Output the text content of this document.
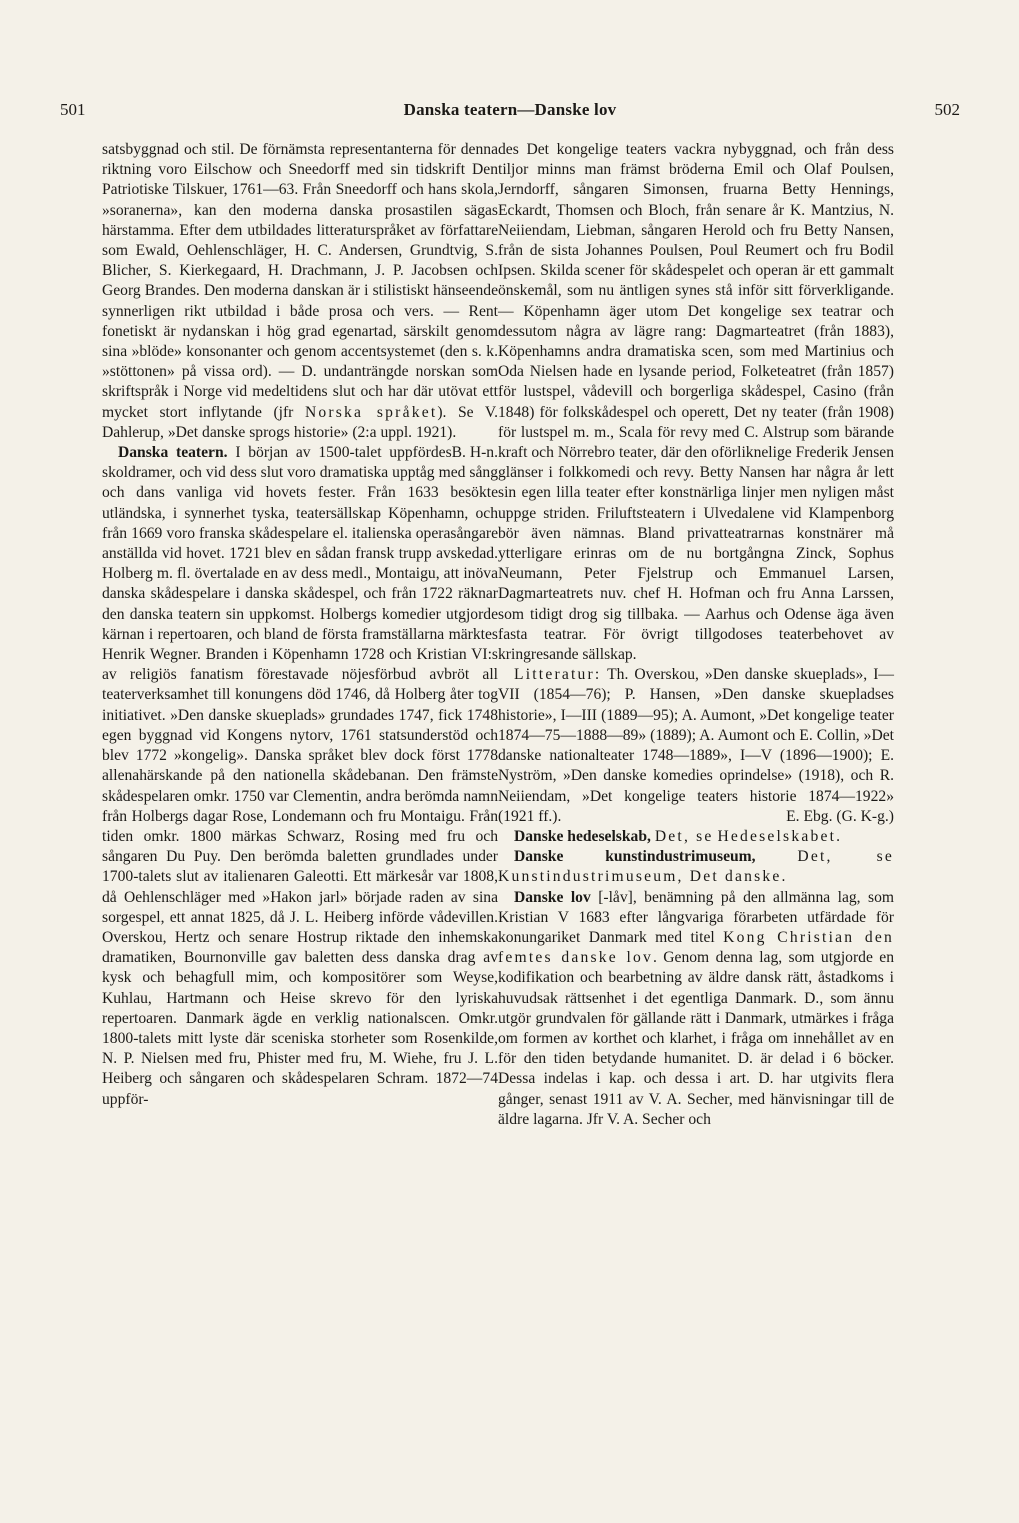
501	Danska teatern—Danske lov	502

satsbyggnad och stil. De förnämsta representanterna för denna riktning voro Eilschow och Sneedorff med sin tidskrift Den Patriotiske Tilskuer, 1761—63. Från Sneedorff och hans skola, »soranerna», kan den moderna danska prosastilen sägas härstamma. Efter dem utbildades litteraturspråket av författare som Ewald, Oehlenschläger, H. C. Andersen, Grundtvig, S. Blicher, S. Kierkegaard, H. Drachmann, J. P. Jacobsen och Georg Brandes. Den moderna danskan är i stilistiskt hänseende synnerligen rikt utbildad i både prosa och vers. — Rent fonetiskt är nydanskan i hög grad egenartad, särskilt genom sina »blöde» konsonanter och genom accentsystemet (den s. k. »stöttonen» på vissa ord). — D. undanträngde norskan som skriftspråk i Norge vid medeltidens slut och har där utövat ett mycket stort inflytande (jfr Norska språket). Se V. Dahlerup, »Det danske sprogs historie» (2:a uppl. 1921).
B. H-n.

Danska teatern. I början av 1500-talet uppfördes skoldramer, och vid dess slut voro dramatiska upptåg med sång och dans vanliga vid hovets fester. Från 1633 besökte utländska, i synnerhet tyska, teatersällskap Köpenhamn, och från 1669 voro franska skådespelare el. italienska operasångare anställda vid hovet. 1721 blev en sådan fransk trupp avskedad. Holberg m. fl. övertalade en av dess medl., Montaigu, att inöva danska skådespelare i danska skådespel, och från 1722 räknar den danska teatern sin uppkomst. Holbergs komedier utgjorde kärnan i repertoaren, och bland de första framställarna märktes Henrik Wegner. Branden i Köpenhamn 1728 och Kristian VI:s av religiös fanatism förestavade nöjesförbud avbröt all teaterverksamhet till konungens död 1746, då Holberg åter tog initiativet. »Den danske skueplads» grundades 1747, fick 1748 egen byggnad vid Kongens nytorv, 1761 statsunderstöd och blev 1772 »kongelig». Danska språket blev dock först 1778 allenahärskande på den nationella skådebanan. Den främste skådespelaren omkr. 1750 var Clementin, andra berömda namn från Holbergs dagar Rose, Londemann och fru Montaigu. Från tiden omkr. 1800 märkas Schwarz, Rosing med fru och sångaren Du Puy. Den berömda baletten grundlades under 1700-talets slut av italienaren Galeotti. Ett märkesår var 1808, då Oehlenschläger med »Hakon jarl» började raden av sina sorgespel, ett annat 1825, då J. L. Heiberg införde vådevillen. Overskou, Hertz och senare Hostrup riktade den inhemska dramatiken, Bournonville gav baletten dess danska drag av kysk och behagfull mim, och kompositörer som Weyse, Kuhlau, Hartmann och Heise skrevo för den lyriska repertoaren. Danmark ägde en verklig nationalscen. Omkr. 1800-talets mitt lyste där sceniska storheter som Rosenkilde, N. P. Nielsen med fru, Phister med fru, M. Wiehe, fru J. L. Heiberg och sångaren och skådespelaren Schram. 1872—74 uppför-

des Det kongelige teaters vackra nybyggnad, och från dess tiljor minns man främst bröderna Emil och Olaf Poulsen, Jerndorff, sångaren Simonsen, fruarna Betty Hennings, Eckardt, Thomsen och Bloch, från senare år K. Mantzius, N. Neiiendam, Liebman, sångaren Herold och fru Betty Nansen, från de sista Johannes Poulsen, Poul Reumert och fru Bodil Ipsen. Skilda scener för skådespelet och operan är ett gammalt önskemål, som nu äntligen synes stå inför sitt förverkligande. — Köpenhamn äger utom Det kongelige sex teatrar och dessutom några av lägre rang: Dagmarteatret (från 1883), Köpenhamns andra dramatiska scen, som med Martinius och Oda Nielsen hade en lysande period, Folketeatret (från 1857) för lustspel, vådevill och borgerliga skådespel, Casino (från 1848) för folkskådespel och operett, Det ny teater (från 1908) för lustspel m. m., Scala för revy med C. Alstrup som bärande kraft och Nörrebro teater, där den oförliknelige Frederik Jensen glänser i folkkomedi och revy. Betty Nansen har några år lett sin egen lilla teater efter konstnärliga linjer men nyligen måst uppge striden. Friluftsteatern i Ulvedalene vid Klampenborg bör även nämnas. Bland privatteatrarnas konstnärer må ytterligare erinras om de nu bortgångna Zinck, Sophus Neumann, Peter Fjelstrup och Emmanuel Larsen, Dagmarteatrets nuv. chef H. Hofman och fru Anna Larssen, som tidigt drog sig tillbaka. — Aarhus och Odense äga även fasta teatrar. För övrigt tillgodoses teaterbehovet av kringresande sällskap.

Litteratur: Th. Overskou, »Den danske skueplads», I—VII (1854—76); P. Hansen, »Den danske skuepladses historie», I—III (1889—95); A. Aumont, »Det kongelige teater 1874—75—1888—89» (1889); A. Aumont och E. Collin, »Det danske nationalteater 1748—1889», I—V (1896—1900); E. Nyström, »Den danske komedies oprindelse» (1918), och R. Neiiendam, »Det kongelige teaters historie 1874—1922» (1921 ff.).	E. Ebg. (G. K-g.)

Danske hedeselskab, Det, se Hedeselskabet.

Danske kunstindustrimuseum,	Det, se Kunstindustrimuseum, Det danske.

Danske lov [-låv], benämning på den allmänna lag, som Kristian V 1683 efter långvariga förarbeten utfärdade för konungariket Danmark med titel Kong Christian den femtes danske lov. Genom denna lag, som utgjorde en kodifikation och bearbetning av äldre dansk rätt, åstadkoms i huvudsak rättsenhet i det egentliga Danmark. D., som ännu utgör grundvalen för gällande rätt i Danmark, utmärkes i fråga om formen av korthet och klarhet, i fråga om innehållet av en för den tiden betydande humanitet. D. är delad i 6 böcker. Dessa indelas i kap. och dessa i art. D. har utgivits flera gånger, senast 1911 av V. A. Secher, med hänvisningar till de äldre lagarna. Jfr V. A. Secher och
